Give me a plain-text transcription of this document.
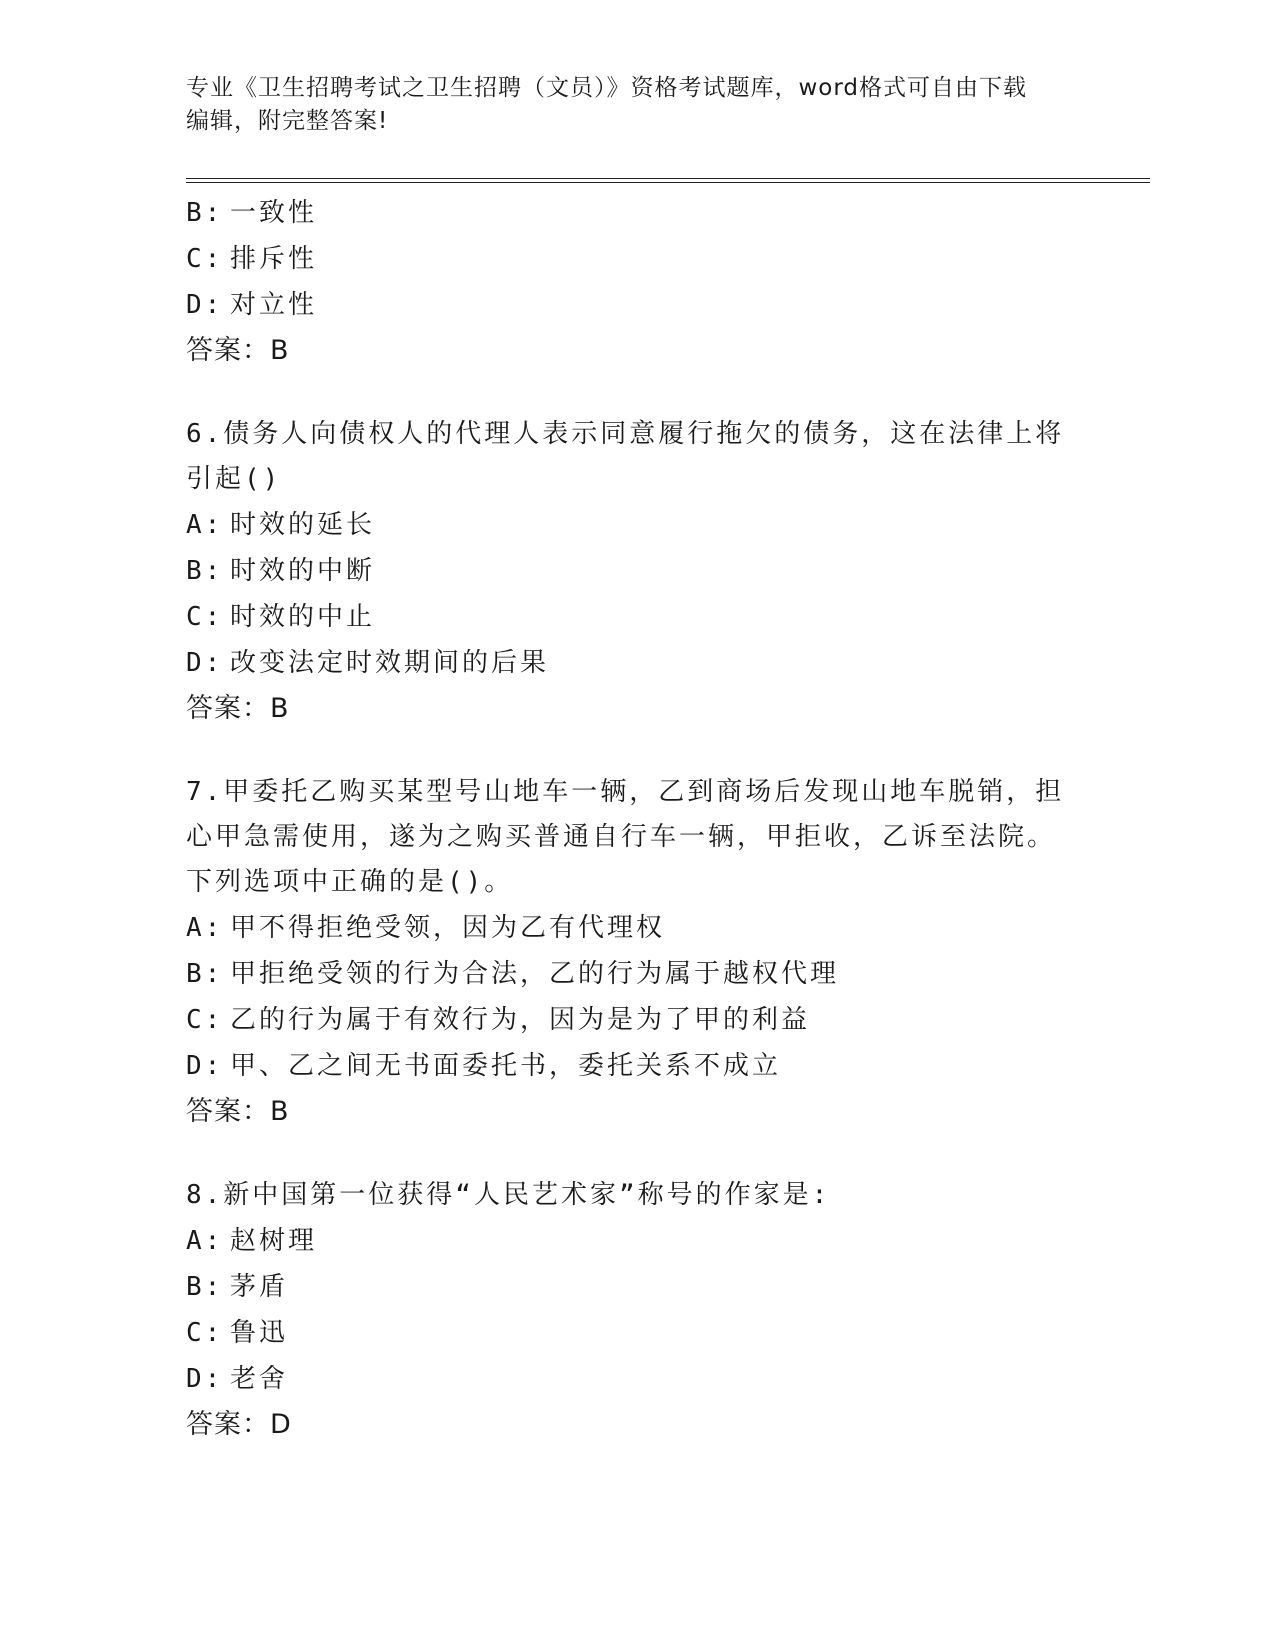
专业《卫生招聘考试之卫生招聘（文员）》资格考试题库，word格式可自由下载
编辑，附完整答案!
B: 一致性
C: 排斥性
D: 对立性
答案：B
6.债务人向债权人的代理人表示同意履行拖欠的债务，这在法律上将
引起()
A: 时效的延长
B: 时效的中断
C: 时效的中止
D: 改变法定时效期间的后果
答案：B
7.甲委托乙购买某型号山地车一辆，乙到商场后发现山地车脱销，担
心甲急需使用，遂为之购买普通自行车一辆，甲拒收，乙诉至法院。
下列选项中正确的是()。
A: 甲不得拒绝受领，因为乙有代理权
B: 甲拒绝受领的行为合法，乙的行为属于越权代理
C: 乙的行为属于有效行为，因为是为了甲的利益
D: 甲、乙之间无书面委托书，委托关系不成立
答案：B
8.新中国第一位获得“人民艺术家”称号的作家是:
A: 赵树理
B: 茅盾
C: 鲁迅
D: 老舍
答案：D
